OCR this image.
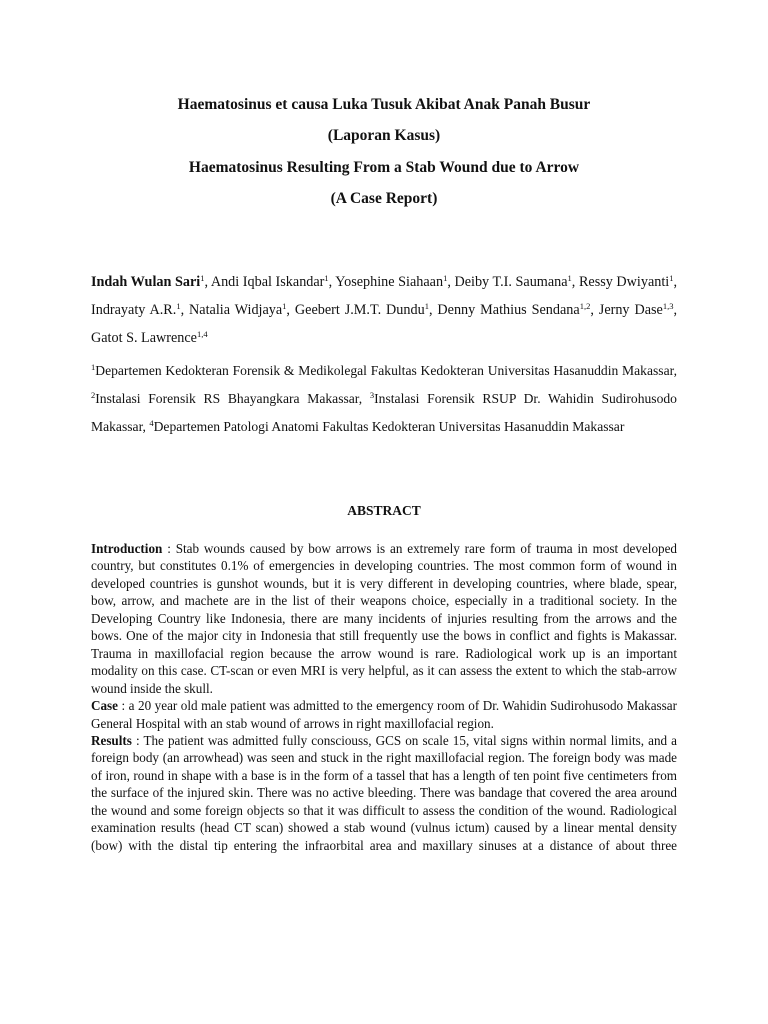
Haematosinus et causa Luka Tusuk Akibat Anak Panah Busur
(Laporan Kasus)
Haematosinus Resulting From a Stab Wound due to Arrow
(A Case Report)
Indah Wulan Sari$^1$, Andi Iqbal Iskandar$^1$, Yosephine Siahaan$^1$, Deiby T.I. Saumana$^1$, Ressy Dwiyanti$^1$, Indrayaty A.R.$^1$, Natalia Widjaya$^1$, Geebert J.M.T. Dundu$^1$, Denny Mathius Sendana$^{1,2}$, Jerny Dase$^{1,3}$, Gatot S. Lawrence$^{1,4}$
$^1$Departemen Kedokteran Forensik & Medikolegal Fakultas Kedokteran Universitas Hasanuddin Makassar, $^2$Instalasi Forensik RS Bhayangkara Makassar, $^3$Instalasi Forensik RSUP Dr. Wahidin Sudirohusodo Makassar, $^4$Departemen Patologi Anatomi Fakultas Kedokteran Universitas Hasanuddin Makassar
ABSTRACT

Introduction : Stab wounds caused by bow arrows is an extremely rare form of trauma in most developed country, but constitutes 0.1% of emergencies in developing countries. The most common form of wound in developed countries is gunshot wounds, but it is very different in developing countries, where blade, spear, bow, arrow, and machete are in the list of their weapons choice, especially in a traditional society. In the Developing Country like Indonesia, there are many incidents of injuries resulting from the arrows and the bows. One of the major city in Indonesia that still frequently use the bows in conflict and fights is Makassar. Trauma in maxillofacial region because the arrow wound is rare. Radiological work up is an important modality on this case. CT-scan or even MRI is very helpful, as it can assess the extent to which the stab-arrow wound inside the skull.

Case : a 20 year old male patient was admitted to the emergency room of Dr. Wahidin Sudirohusodo Makassar General Hospital with an stab wound of arrows in right maxillofacial region.

Results : The patient was admitted fully consciouss, GCS on scale 15, vital signs within normal limits, and a foreign body (an arrowhead) was seen and stuck in the right maxillofacial region. The foreign body was made of iron, round in shape with a base is in the form of a tassel that has a length of ten point five centimeters from the surface of the injured skin. There was no active bleeding. There was bandage that covered the area around the wound and some foreign objects so that it was difficult to assess the condition of the wound. Radiological examination results (head CT scan) showed a stab wound (vulnus ictum) caused by a linear mental density (bow) with the distal tip entering the infraorbital area and maxillary sinuses at a distance of about three
